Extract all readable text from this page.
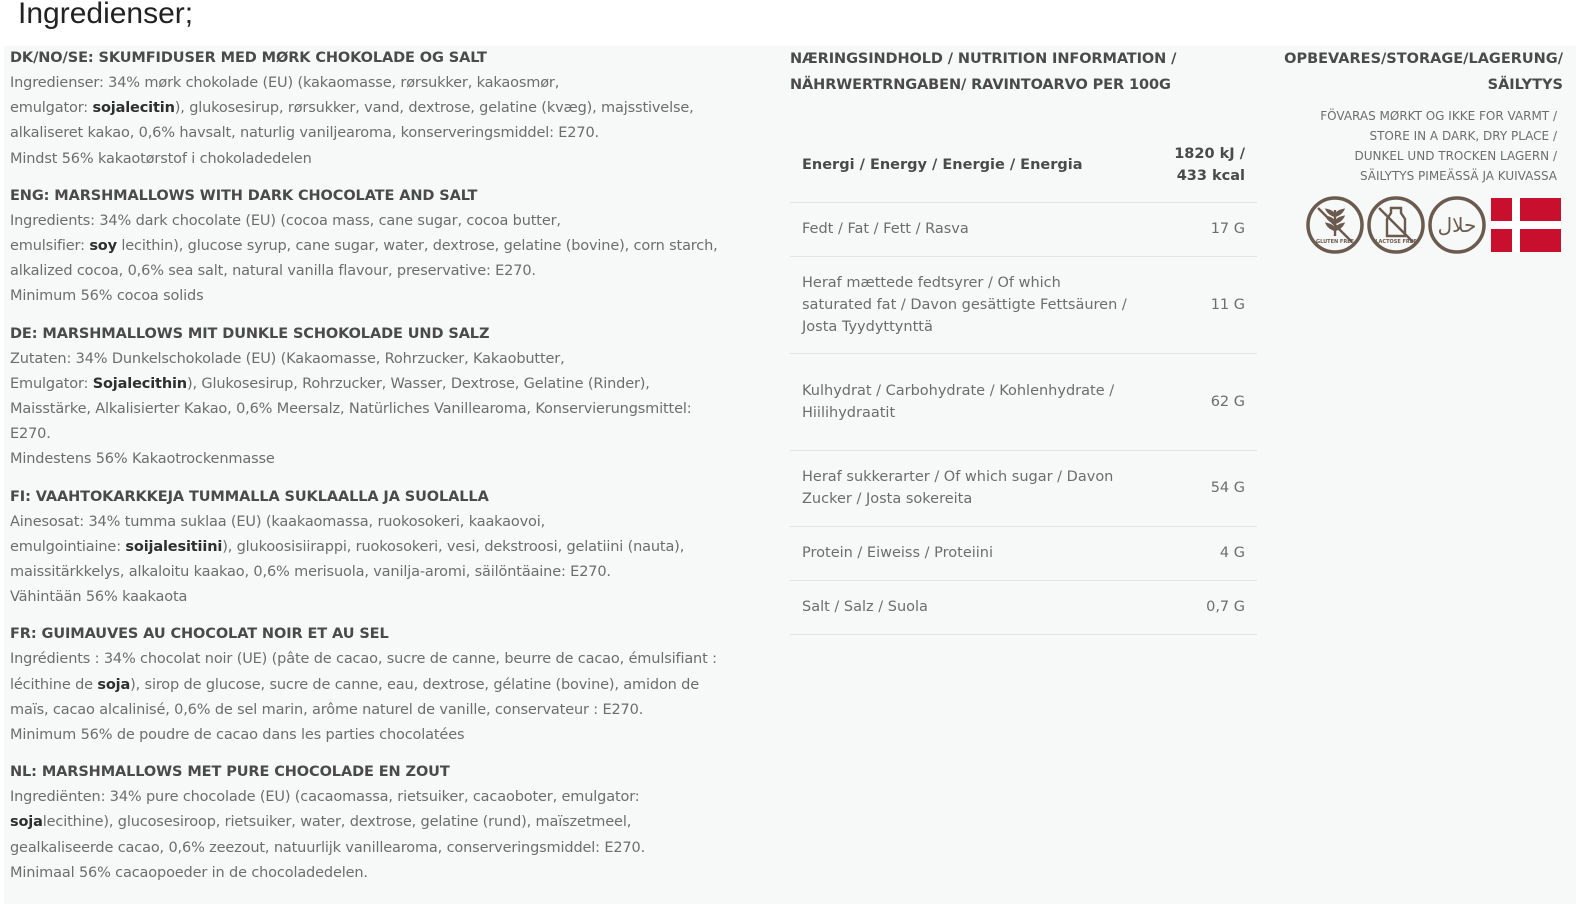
Ingredienser;
DK/NO/SE: SKUMFIDUSER MED MØRK CHOKOLADE OG SALT

Ingredienser: 34% mørk chokolade (EU) (kakaomasse, rørsukker, kakaosmør,

emulgator: sojalecitin), glukosesirup, rørsukker, vand, dextrose, gelatine (kvæg), majsstivelse,

alkaliseret kakao, 0,6% havsalt, naturlig vaniljearoma, konserveringsmiddel: E270.

Mindst 56% kakaotørstof i chokoladedelen

ENG: MARSHMALLOWS WITH DARK CHOCOLATE AND SALT

Ingredients: 34% dark chocolate (EU) (cocoa mass, cane sugar, cocoa butter,

emulsifier: soy lecithin), glucose syrup, cane sugar, water, dextrose, gelatine (bovine), corn starch,

alkalized cocoa, 0,6% sea salt, natural vanilla flavour, preservative: E270.

Minimum 56% cocoa solids

DE: MARSHMALLOWS MIT DUNKLE SCHOKOLADE UND SALZ

Zutaten: 34% Dunkelschokolade (EU) (Kakaomasse, Rohrzucker, Kakaobutter,

Emulgator: Sojalecithin), Glukosesirup, Rohrzucker, Wasser, Dextrose, Gelatine (Rinder),

Maisstärke, Alkalisierter Kakao, 0,6% Meersalz, Natürliches Vanillearoma, Konservierungsmittel:

E270.

Mindestens 56% Kakaotrockenmasse

FI: VAAHTOKARKKEJA TUMMALLA SUKLAALLA JA SUOLALLA

Ainesosat: 34% tumma suklaa (EU) (kaakaomassa, ruokosokeri, kaakaovoi,

emulgointiaine: soijalesitiini), glukoosisiirappi, ruokosokeri, vesi, dekstroosi, gelatiini (nauta),

maissitärkkelys, alkaloitu kaakao, 0,6% merisuola, vanilja-aromi, säilöntäaine: E270.

Vähintään 56% kaakaota

FR: GUIMAUVES AU CHOCOLAT NOIR ET AU SEL

Ingrédients : 34% chocolat noir (UE) (pâte de cacao, sucre de canne, beurre de cacao, émulsifiant :

lécithine de soja), sirop de glucose, sucre de canne, eau, dextrose, gélatine (bovine), amidon de

maïs, cacao alcalinisé, 0,6% de sel marin, arôme naturel de vanille, conservateur : E270.

Minimum 56% de poudre de cacao dans les parties chocolatées

NL: MARSHMALLOWS MET PURE CHOCOLADE EN ZOUT

Ingrediënten: 34% pure chocolade (EU) (cacaomassa, rietsuiker, cacaoboter, emulgator:

sojalecithine), glucosesiroop, rietsuiker, water, dextrose, gelatine (rund), maïszetmeel,

gealkaliseerde cacao, 0,6% zeezout, natuurlijk vanillearoma, conserveringsmiddel: E270.

Minimaal 56% cacaopoeder in de chocoladedelen.

NÆRINGSINDHOLD / NUTRITION INFORMATION /
NÄHRWERTRNGABEN/ RAVINTOARVO PER 100G
Energi / Energy / Energie / Energia	1820 kJ / 433 kcal
Fedt / Fat / Fett / Rasva	17 G
Heraf mættede fedtsyrer / Of which saturated fat / Davon gesättigte Fettsäuren / Josta Tyydyttynttä	11 G
Kulhydrat / Carbohydrate / Kohlenhydrate / Hiilihydraatit	62 G
Heraf sukkerarter / Of which sugar / Davon Zucker / Josta sokereita	54 G
Protein / Eiweiss / Proteiini	4 G
Salt / Salz / Suola	0,7 G
OPBEVARES/STORAGE/LAGERUNG/
SÄILYTYS
FÖVARAS MØRKT OG IKKE FOR VARMT /
STORE IN A DARK, DRY PLACE /
DUNKEL UND TROCKEN LAGERN /
SÄILYTYS PIMEÄSSÄ JA KUIVASSA
GLUTEN FREE	LACTOSE FREE
حلال
